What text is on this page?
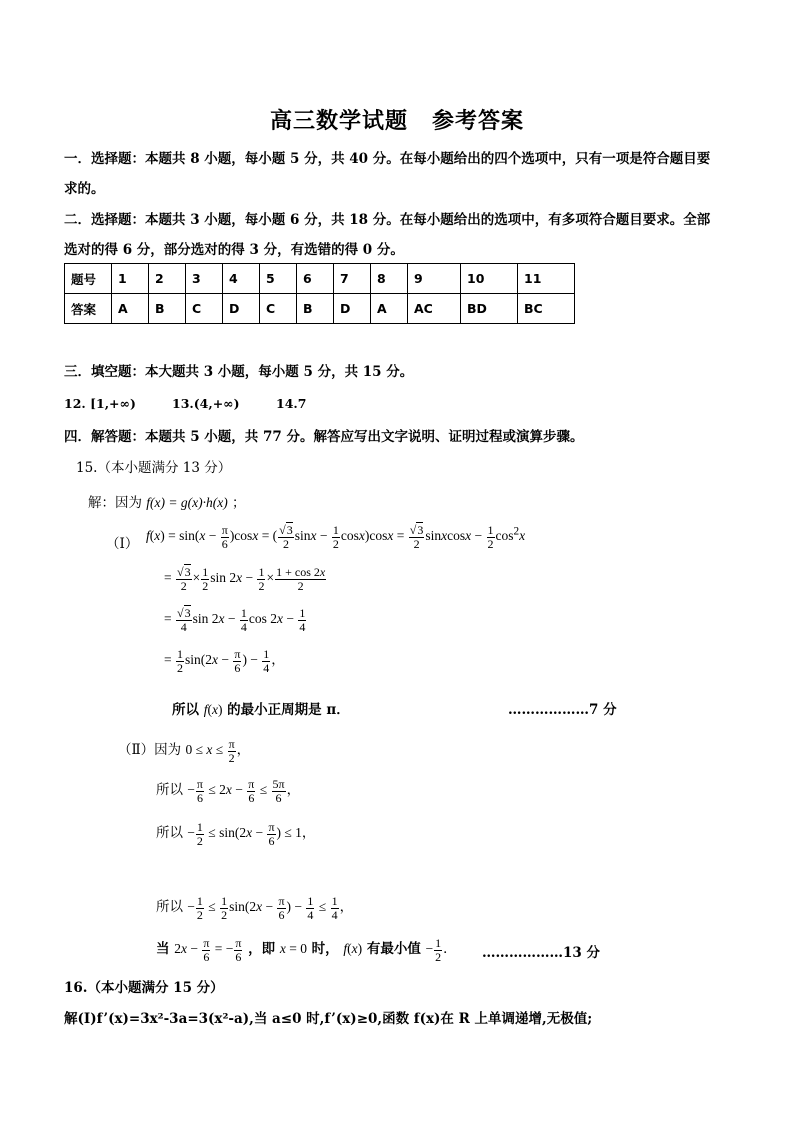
高三数学试题 参考答案
一．选择题：本题共 8 小题，每小题 5 分，共 40 分。在每小题给出的四个选项中，只有一项是符合题目要
求的。
二．选择题：本题共 3 小题，每小题 6 分，共 18 分。在每小题给出的选项中，有多项符合题目要求。全部
选对的得 6 分，部分选对的得 3 分，有选错的得 0 分。
题号	1	2	3	4	5	6	7	8	9	10	11
答案	A	B	C	D	C	B	D	A	AC	BD	BC
三．填空题：本大题共 3 小题，每小题 5 分，共 15 分。
12. [1,+∞)	13.(4,+∞)	14.7
四．解答题：本题共 5 小题，共 77 分。解答应写出文字说明、证明过程或演算步骤。
15.（本小题满分 13 分）
解：因为 f(x) = g(x)·h(x) ；
（Ⅰ）
$f(x) = \sin(x - \frac{\pi}{6} )\cos x$ = ( $\frac{√3}{2}$ $\sin x - \frac{1}{2} \cos x)\cos x = \frac{√3}{2}$ sinxcosx − $\frac{1}{2} \cos^2x$
= $\frac{√3}{2} \times \frac{1}{2}$ $\sin 2x - \frac{1}{2} \times \frac{1 + \cos 2x}{2}$
= $\frac{√3}{4}$ $\sin 2x - \frac{1}{4}$ $\cos 2x - \frac{1}{4}$
= $\frac{1}{2} \sin(2x - \frac{\pi}{6}$ ) − $\frac{1}{4}$ ，
所以 f(x) 的最小正周期是 π．	………………7 分
（Ⅱ）因为 $0 \le x \le \frac{\pi}{2}$ ，
所以 − $\frac{\pi}{6} \le 2x - \frac{\pi}{6} \le \frac{5\pi}{6}$ ，
所以 − $\frac{1}{2} \le \sin(2x - \frac{\pi}{6}$ ) ≤ 1，
所以 − $\frac{1}{2} \le \frac{1}{2} \sin(2x - \frac{\pi}{6}$ ) − $\frac{1}{4} \le \frac{1}{4}$ ，
当 $2x - \frac{\pi}{6}$ = − $\frac{\pi}{6}$ ，即 x = 0 时， f(x) 有最小值 − $\frac{1}{2}$ ． ………………13 分
16.（本小题满分 15 分）
解(Ⅰ)f’(x)=3x²-3a=3(x²-a),当 a≤0 时,f’(x)≥0,函数 f(x)在 R 上单调递增,无极值;
